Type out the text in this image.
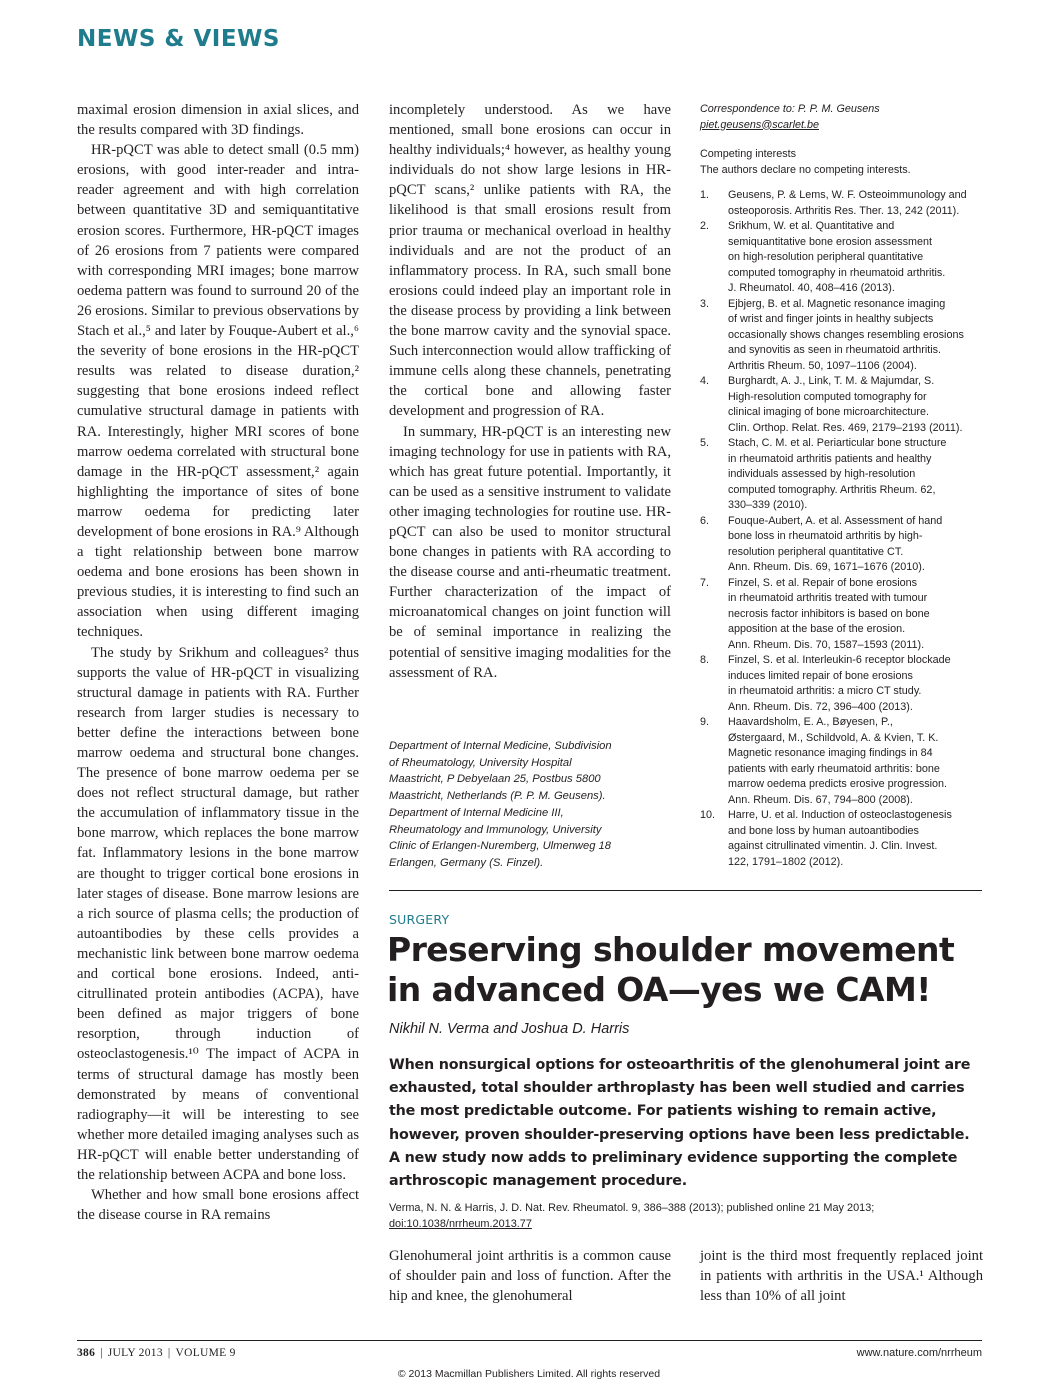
NEWS & VIEWS

maximal erosion dimension in axial slices, and the results compared with 3D findings.

HR-pQCT was able to detect small (0.5 mm) erosions, with good inter-reader and intra-reader agreement and with high correlation between quantitative 3D and semiquantitative erosion scores. Furthermore, HR-pQCT images of 26 erosions from 7 patients were compared with corresponding MRI images; bone marrow oedema pattern was found to surround 20 of the 26 erosions. Similar to previous observations by Stach et al.,⁵ and later by Fouque-Aubert et al.,⁶ the severity of bone erosions in the HR-pQCT results was related to disease duration,² suggesting that bone erosions indeed reflect cumulative structural damage in patients with RA. Interestingly, higher MRI scores of bone marrow oedema correlated with structural bone damage in the HR-pQCT assessment,² again highlighting the importance of sites of bone marrow oedema for predicting later development of bone erosions in RA.⁹ Although a tight relationship between bone marrow oedema and bone erosions has been shown in previous studies, it is interesting to find such an association when using different imaging techniques.

The study by Srikhum and colleagues² thus supports the value of HR-pQCT in visualizing structural damage in patients with RA. Further research from larger studies is necessary to better define the interactions between bone marrow oedema and structural bone changes. The presence of bone marrow oedema per se does not reflect structural damage, but rather the accumulation of inflammatory tissue in the bone marrow, which replaces the bone marrow fat. Inflammatory lesions in the bone marrow are thought to trigger cortical bone erosions in later stages of disease. Bone marrow lesions are a rich source of plasma cells; the production of autoantibodies by these cells provides a mechanistic link between bone marrow oedema and cortical bone erosions. Indeed, anti-citrullinated protein antibodies (ACPA), have been defined as major triggers of bone resorption, through induction of osteoclastogenesis.¹⁰ The impact of ACPA in terms of structural damage has mostly been demonstrated by means of conventional radiography—it will be interesting to see whether more detailed imaging analyses such as HR-pQCT will enable better understanding of the relationship between ACPA and bone loss.

Whether and how small bone erosions affect the disease course in RA remains

incompletely understood. As we have mentioned, small bone erosions can occur in healthy individuals;⁴ however, as healthy young individuals do not show large lesions in HR-pQCT scans,² unlike patients with RA, the likelihood is that small erosions result from prior trauma or mechanical overload in healthy individuals and are not the product of an inflammatory process. In RA, such small bone erosions could indeed play an important role in the disease process by providing a link between the bone marrow cavity and the synovial space. Such interconnection would allow trafficking of immune cells along these channels, penetrating the cortical bone and allowing faster development and progression of RA.

In summary, HR-pQCT is an interesting new imaging technology for use in patients with RA, which has great future potential. Importantly, it can be used as a sensitive instrument to validate other imaging technologies for routine use. HR-pQCT can also be used to monitor structural bone changes in patients with RA according to the disease course and anti-rheumatic treatment. Further characterization of the impact of microanatomical changes on joint function will be of seminal importance in realizing the potential of sensitive imaging modalities for the assessment of RA.

Department of Internal Medicine, Subdivision
of Rheumatology, University Hospital
Maastricht, P Debyelaan 25, Postbus 5800
Maastricht, Netherlands (P. P. M. Geusens).
Department of Internal Medicine III,
Rheumatology and Immunology, University
Clinic of Erlangen-Nuremberg, Ulmenweg 18
Erlangen, Germany (S. Finzel).
Correspondence to: P. P. M. Geusens
piet.geusens@scarlet.be
Competing interests
The authors declare no competing interests.
1. Geusens, P. & Lems, W. F. Osteoimmunology and
osteoporosis. Arthritis Res. Ther. 13, 242 (2011).
2. Srikhum, W. et al. Quantitative and
semiquantitative bone erosion assessment
on high-resolution peripheral quantitative
computed tomography in rheumatoid arthritis.
J. Rheumatol. 40, 408–416 (2013).
3. Ejbjerg, B. et al. Magnetic resonance imaging
of wrist and finger joints in healthy subjects
occasionally shows changes resembling erosions
and synovitis as seen in rheumatoid arthritis.
Arthritis Rheum. 50, 1097–1106 (2004).
4. Burghardt, A. J., Link, T. M. & Majumdar, S.
High-resolution computed tomography for
clinical imaging of bone microarchitecture.
Clin. Orthop. Relat. Res. 469, 2179–2193 (2011).
5. Stach, C. M. et al. Periarticular bone structure
in rheumatoid arthritis patients and healthy
individuals assessed by high-resolution
computed tomography. Arthritis Rheum. 62,
330–339 (2010).
6. Fouque-Aubert, A. et al. Assessment of hand
bone loss in rheumatoid arthritis by high-
resolution peripheral quantitative CT.
Ann. Rheum. Dis. 69, 1671–1676 (2010).
7. Finzel, S. et al. Repair of bone erosions
in rheumatoid arthritis treated with tumour
necrosis factor inhibitors is based on bone
apposition at the base of the erosion.
Ann. Rheum. Dis. 70, 1587–1593 (2011).
8. Finzel, S. et al. Interleukin-6 receptor blockade
induces limited repair of bone erosions
in rheumatoid arthritis: a micro CT study.
Ann. Rheum. Dis. 72, 396–400 (2013).
9. Haavardsholm, E. A., Bøyesen, P.,
Østergaard, M., Schildvold, A. & Kvien, T. K.
Magnetic resonance imaging findings in 84
patients with early rheumatoid arthritis: bone
marrow oedema predicts erosive progression.
Ann. Rheum. Dis. 67, 794–800 (2008).
10. Harre, U. et al. Induction of osteoclastogenesis
and bone loss by human autoantibodies
against citrullinated vimentin. J. Clin. Invest.
122, 1791–1802 (2012).
SURGERY
Preserving shoulder movement
in advanced OA—yes we CAM!
Nikhil N. Verma and Joshua D. Harris
When nonsurgical options for osteoarthritis of the glenohumeral joint are
exhausted, total shoulder arthroplasty has been well studied and carries
the most predictable outcome. For patients wishing to remain active,
however, proven shoulder-preserving options have been less predictable.
A new study now adds to preliminary evidence supporting the complete
arthroscopic management procedure.
Verma, N. N. & Harris, J. D. Nat. Rev. Rheumatol. 9, 386–388 (2013); published online 21 May 2013;
doi:10.1038/nrrheum.2013.77

Glenohumeral joint arthritis is a common cause of shoulder pain and loss of function. After the hip and knee, the glenohumeral

joint is the third most frequently replaced joint in patients with arthritis in the USA.¹ Although less than 10% of all joint

386 | JULY 2013 | VOLUME 9	www.nature.com/nrrheum
© 2013 Macmillan Publishers Limited. All rights reserved
